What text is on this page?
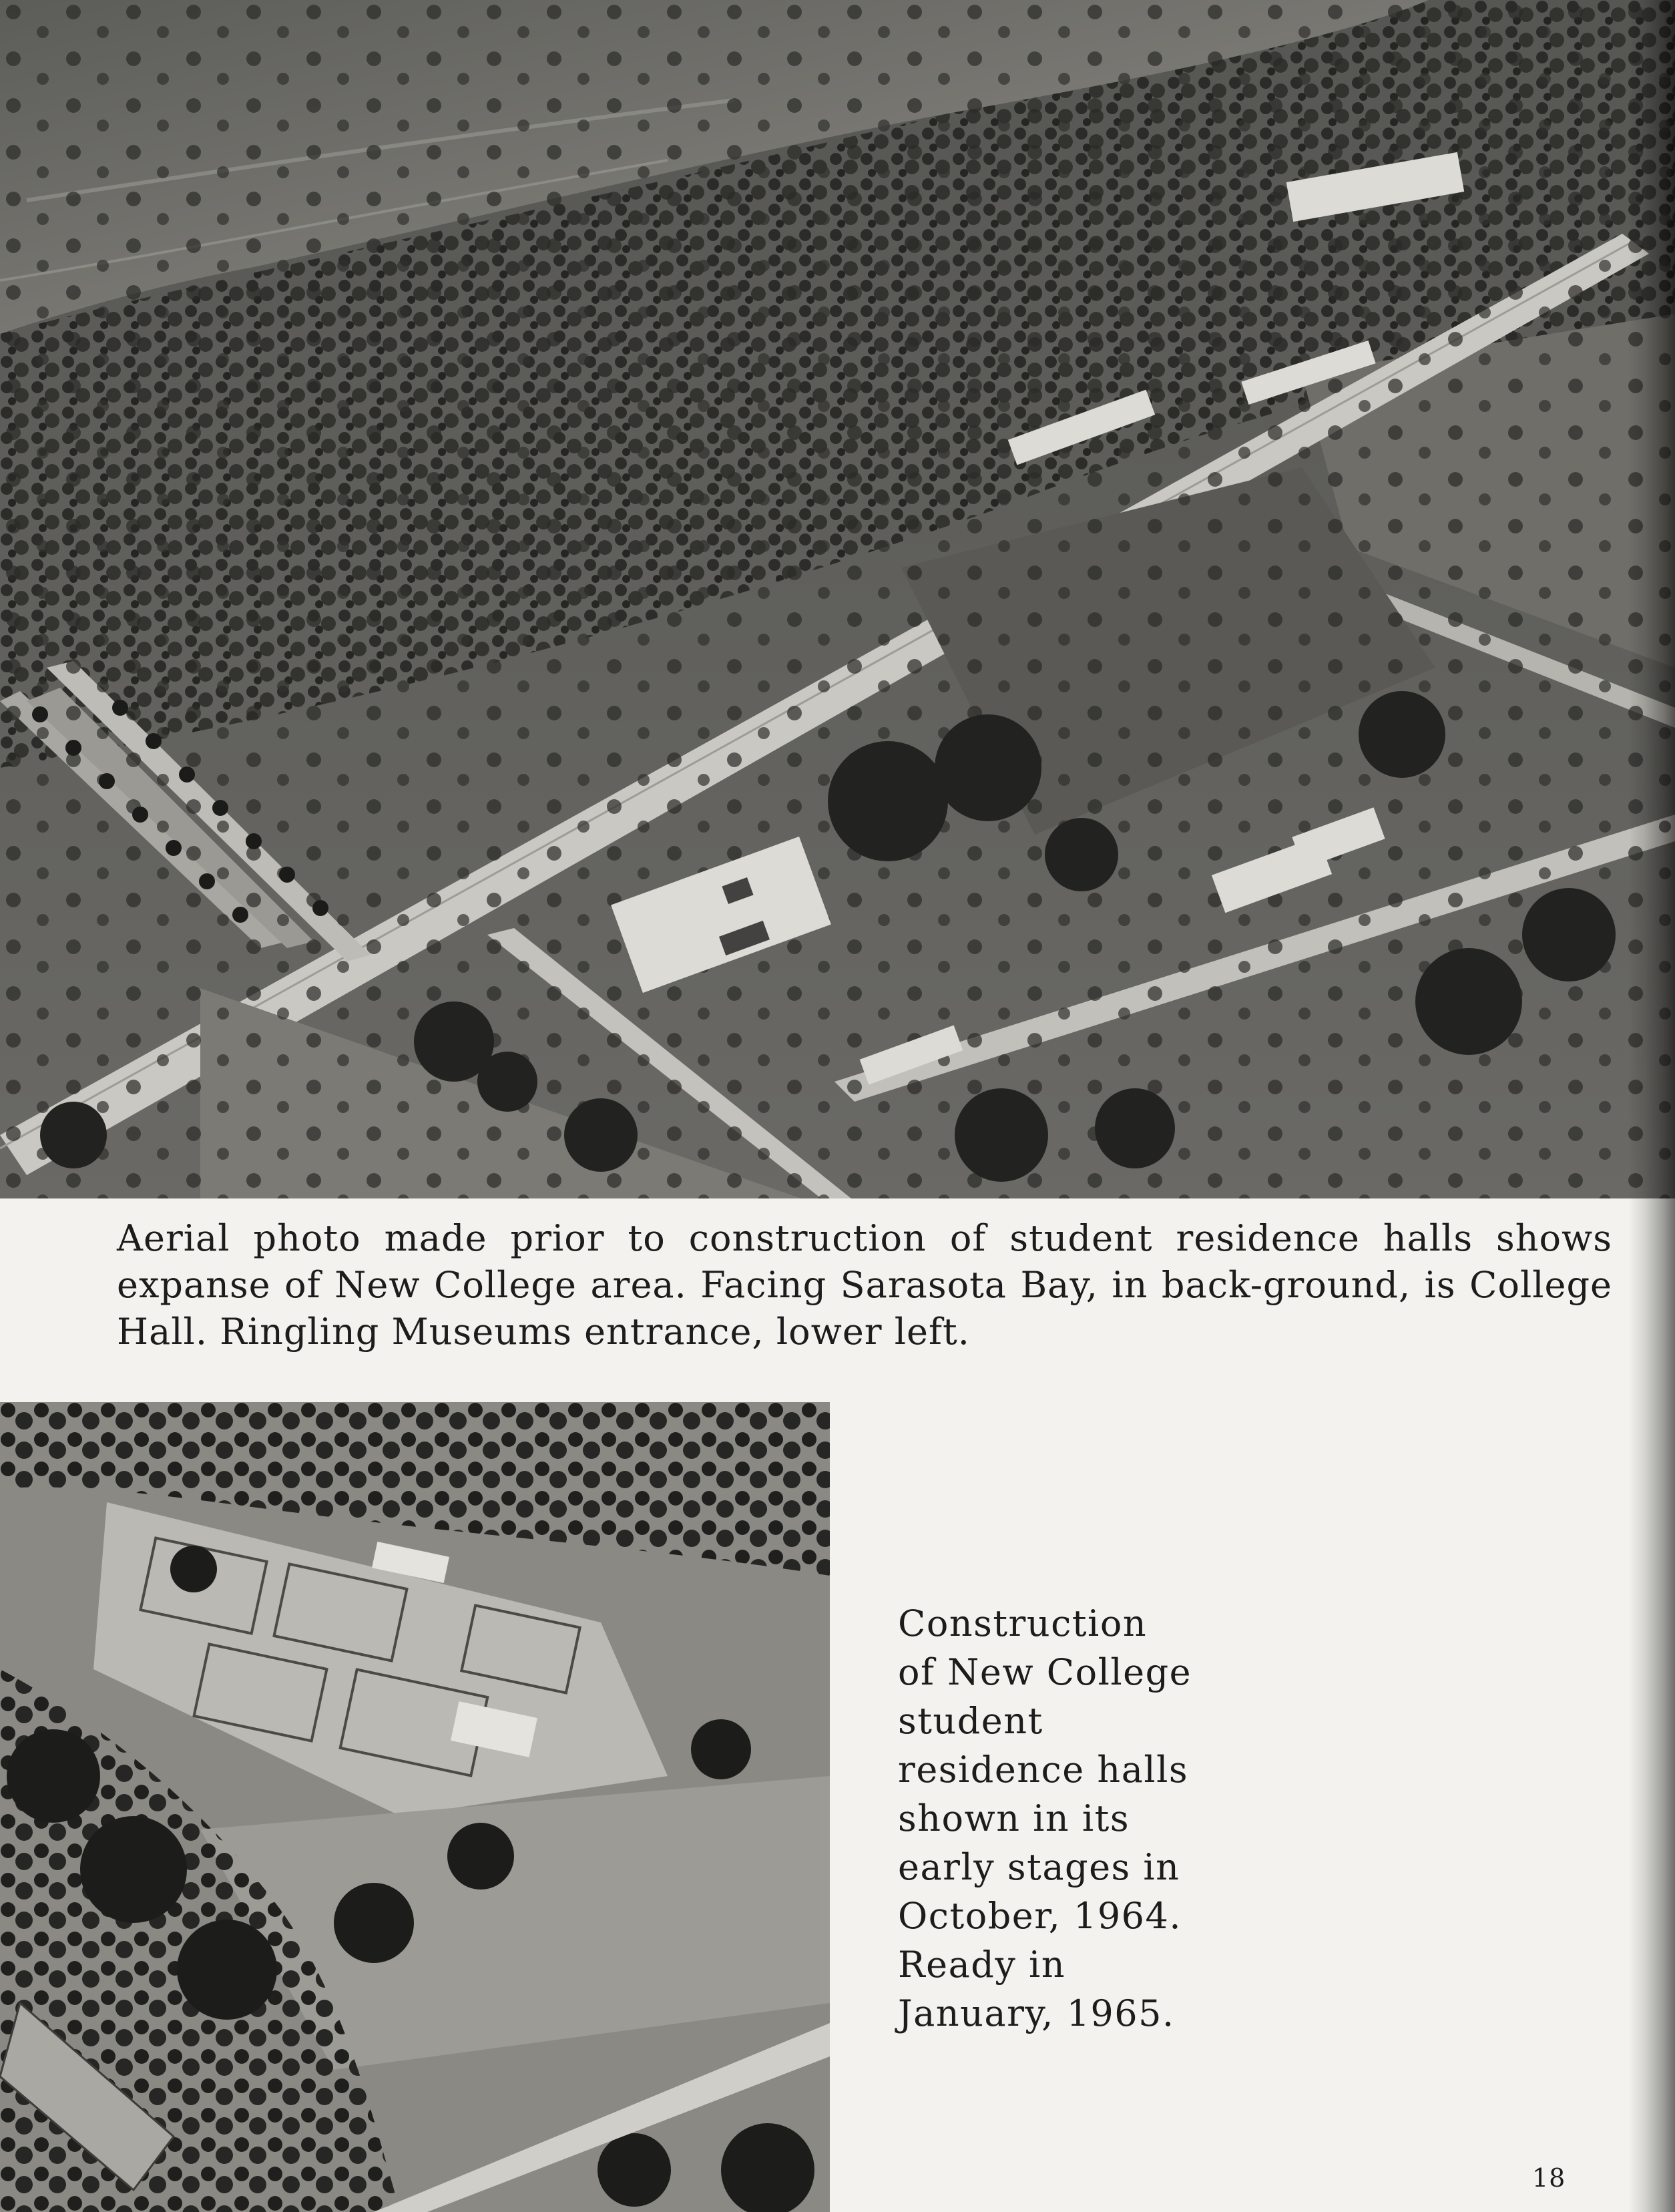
Aerial photo made prior to construction of student residence halls shows expanse of New College area. Facing Sarasota Bay, in back-ground, is College Hall. Ringling Museums entrance, lower left.

Construction
of New College
student
residence halls
shown in its
early stages in
October, 1964.
Ready in
January, 1965.
18
